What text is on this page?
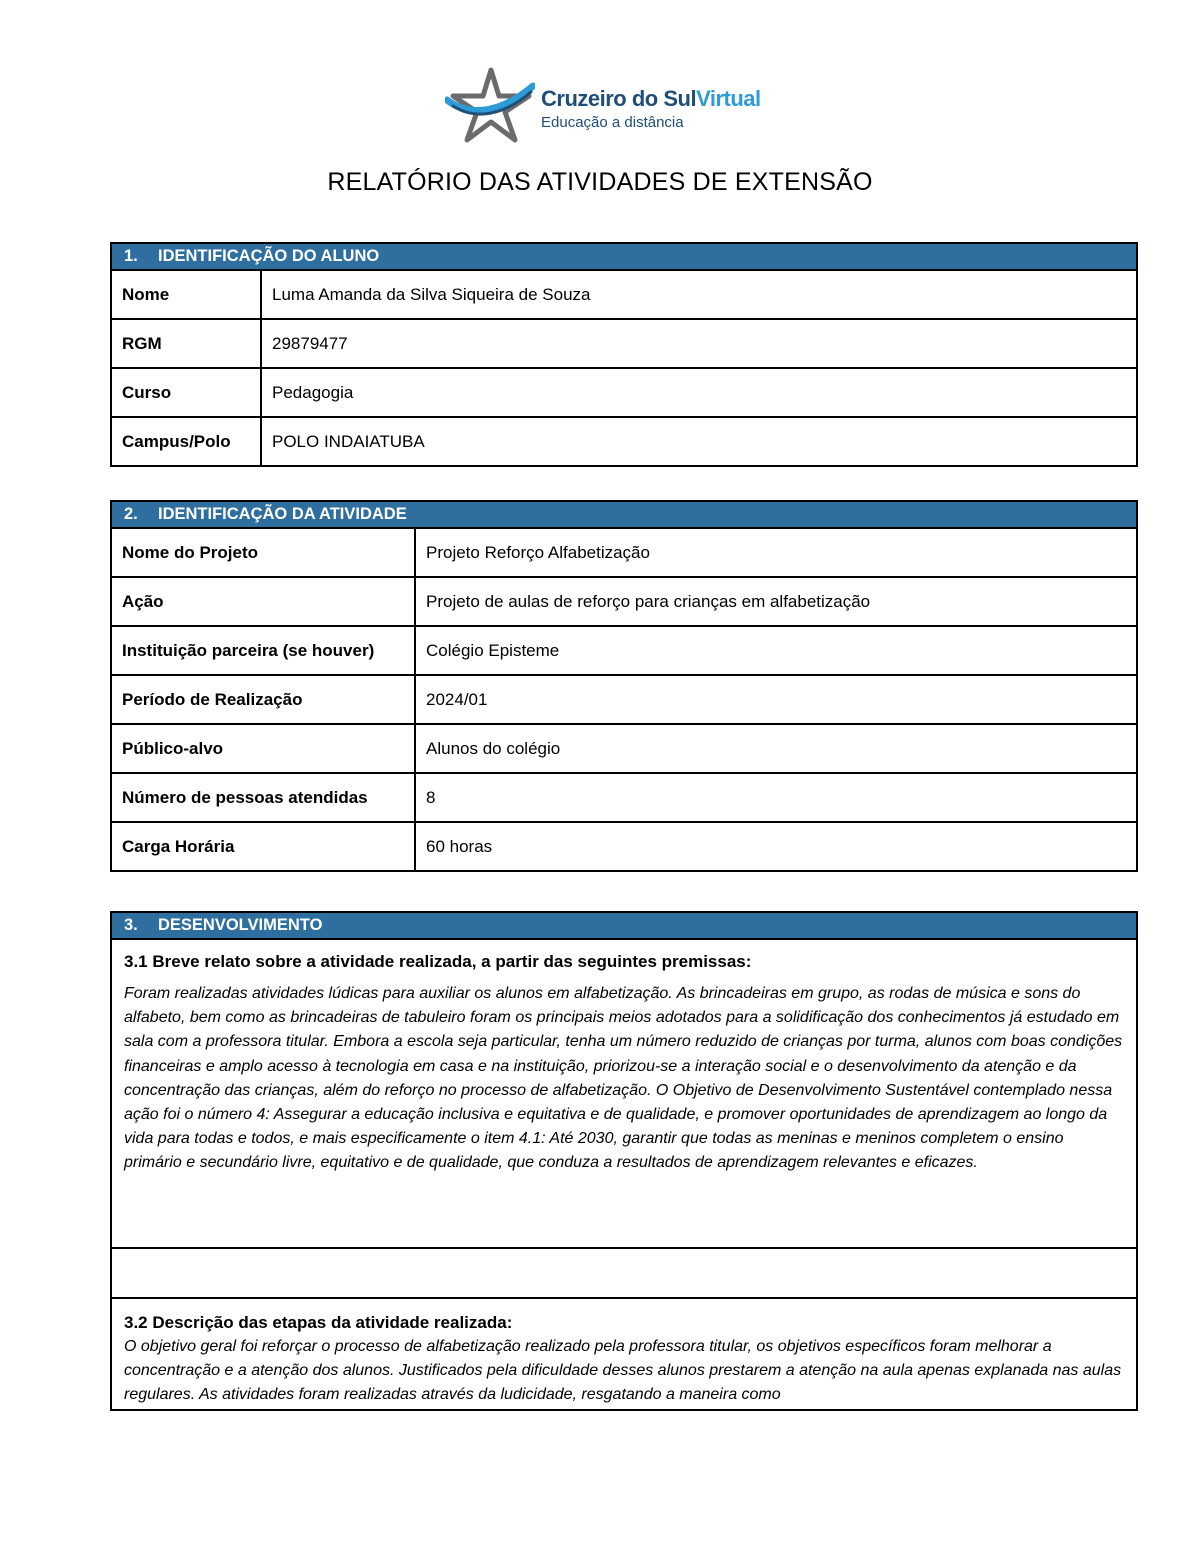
Cruzeiro do SulVirtual
Educação a distância
RELATÓRIO DAS ATIVIDADES DE EXTENSÃO
1. IDENTIFICAÇÃO DO ALUNO	
Nome	Luma Amanda da Silva Siqueira de Souza
RGM	29879477
Curso	Pedagogia
Campus/Polo	POLO INDAIATUBA
2. IDENTIFICAÇÃO DA ATIVIDADE	
Nome do Projeto	Projeto Reforço Alfabetização
Ação	Projeto de aulas de reforço para crianças em alfabetização
Instituição parceira (se houver)	Colégio Episteme
Período de Realização	2024/01
Público-alvo	Alunos do colégio
Número de pessoas atendidas	8
Carga Horária	60 horas
3. DESENVOLVIMENTO

3.1 Breve relato sobre a atividade realizada, a partir das seguintes premissas:
Foram realizadas atividades lúdicas para auxiliar os alunos em alfabetização. As brincadeiras em grupo, as rodas de música e sons do alfabeto, bem como as brincadeiras de tabuleiro foram os principais meios adotados para a solidificação dos conhecimentos já estudado em sala com a professora titular. Embora a escola seja particular, tenha um número reduzido de crianças por turma, alunos com boas condições financeiras e amplo acesso à tecnologia em casa e na instituição, priorizou-se a interação social e o desenvolvimento da atenção e da concentração das crianças, além do reforço no processo de alfabetização. O Objetivo de Desenvolvimento Sustentável contemplado nessa ação foi o número 4: Assegurar a educação inclusiva e equitativa e de qualidade, e promover oportunidades de aprendizagem ao longo da vida para todas e todos, e mais especificamente o item 4.1: Até 2030, garantir que todas as meninas e meninos completem o ensino primário e secundário livre, equitativo e de qualidade, que conduza a resultados de aprendizagem relevantes e eficazes.

3.2 Descrição das etapas da atividade realizada:
O objetivo geral foi reforçar o processo de alfabetização realizado pela professora titular, os objetivos específicos foram melhorar a concentração e a atenção dos alunos. Justificados pela dificuldade desses alunos prestarem a atenção na aula apenas explanada nas aulas regulares. As atividades foram realizadas através da ludicidade, resgatando a maneira como
